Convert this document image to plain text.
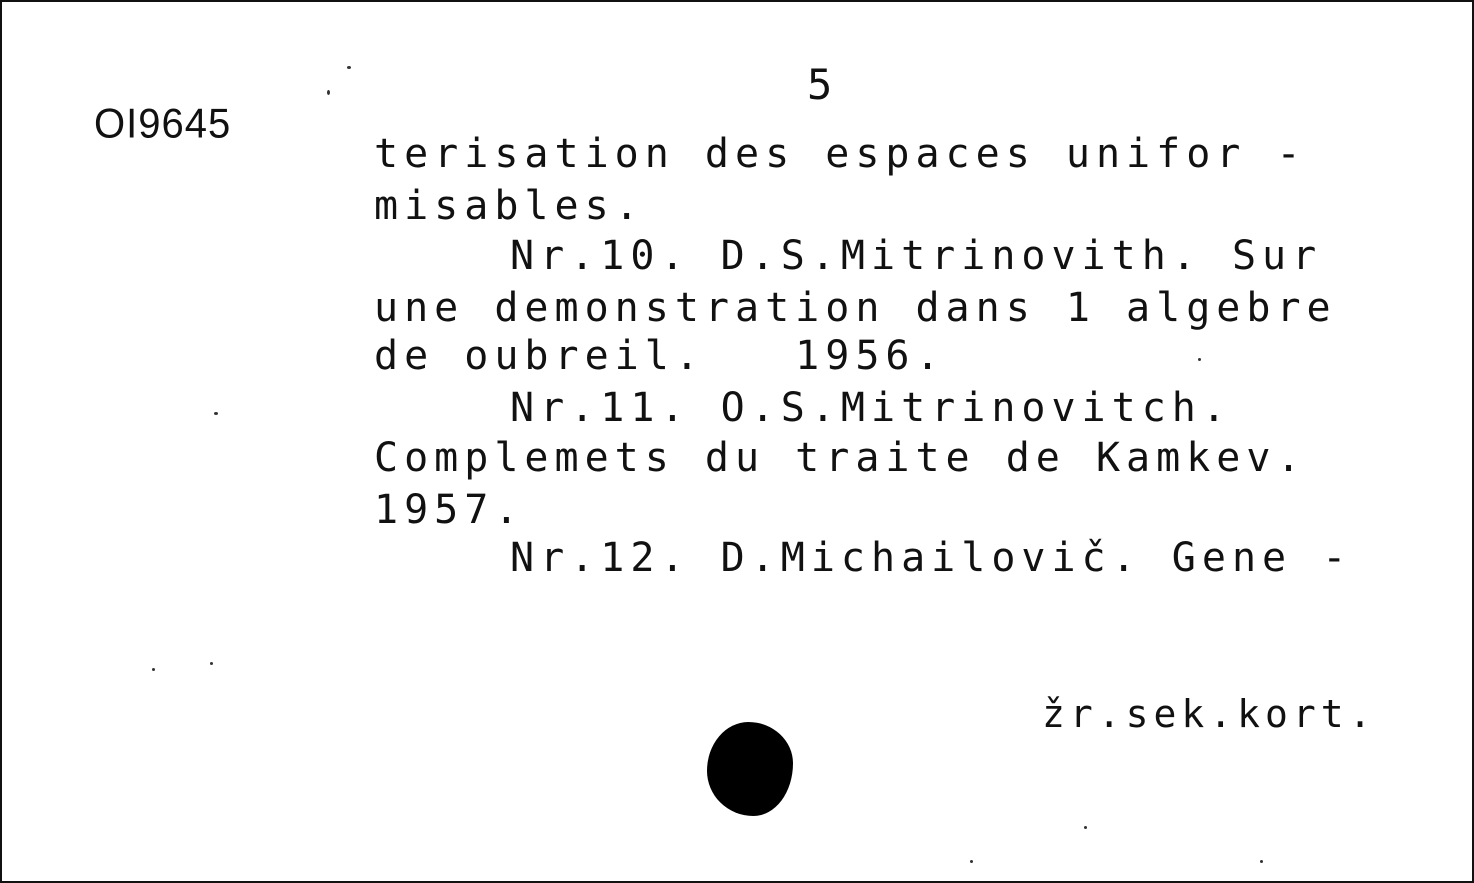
OI9645
5
terisation des espaces unifor -
misables.
Nr.10. D.S.Mitrinovith. Sur
une demonstration dans 1 algebre
de oubreil.   1956.
Nr.11. O.S.Mitrinovitch.
Complemets du traite de Kamkev.
1957.
Nr.12. D.Michailovič. Gene -
žr.sek.kort.
